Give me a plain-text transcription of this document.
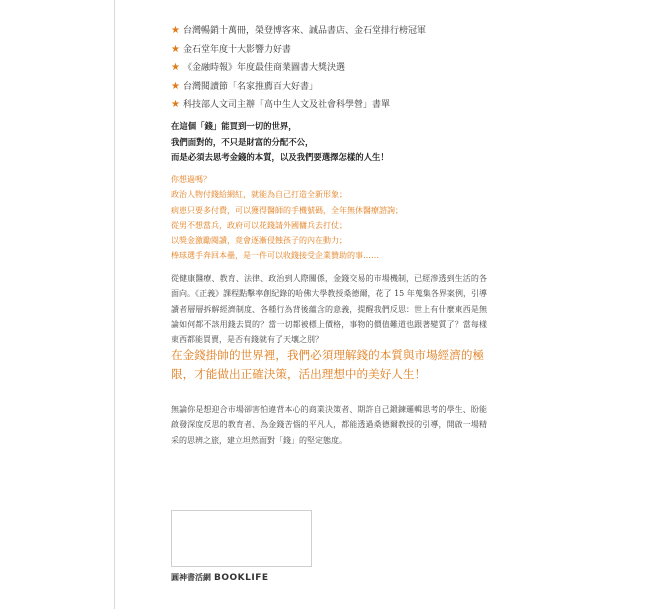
★ 台灣暢銷十萬冊，榮登博客來、誠品書店、金石堂排行榜冠軍
★ 金石堂年度十大影響力好書
★ 《金融時報》年度最佳商業圖書大獎決選
★ 台灣閱讀節「名家推薦百大好書」
★ 科技部人文司主辦「高中生人文及社會科學營」書單

在這個「錢」能買到一切的世界，

我們面對的，不只是財富的分配不公，

而是必須去思考金錢的本質，以及我們要選擇怎樣的人生！

你想過嗎？

政治人物付錢給網紅，就能為自己打造全新形象；

病患只要多付費，可以獲得醫師的手機號碼，全年無休醫療諮詢；

從男不想當兵，政府可以花錢請外國傭兵去打仗；

以獎金激勵閱讀，竟會逐漸侵蝕孩子的內在動力；

棒球選手奔回本壘，是一件可以收錢接受企業贊助的事……

從健康醫療、教育、法律、政治到人際關係，金錢交易的市場機制，已經滲透到生活的各面向。《正義》課程點擊率創紀錄的哈佛大學教授桑德爾，花了 15 年蒐集各界案例，引導讀者層層拆解經濟制度、各種行為背後蘊含的意義，提醒我們反思：世上有什麼東西是無論如何都不該用錢去買的？當一切都被標上價格，事物的價值難道也跟著變質了？當每樣東西都能買賣，是否有錢就有了天壤之別？

在金錢掛帥的世界裡，我們必須理解錢的本質與市場經濟的極限，才能做出正確決策，活出理想中的美好人生！

無論你是想迎合市場卻害怕違背本心的商業決策者、期許自己鍛鍊邏輯思考的學生、盼能啟發深度反思的教育者、為金錢苦惱的平凡人，都能透過桑德爾教授的引導，開啟一場精采的思辨之旅，建立坦然面對「錢」的堅定態度。

圓神書活網 BOOKLIFE
